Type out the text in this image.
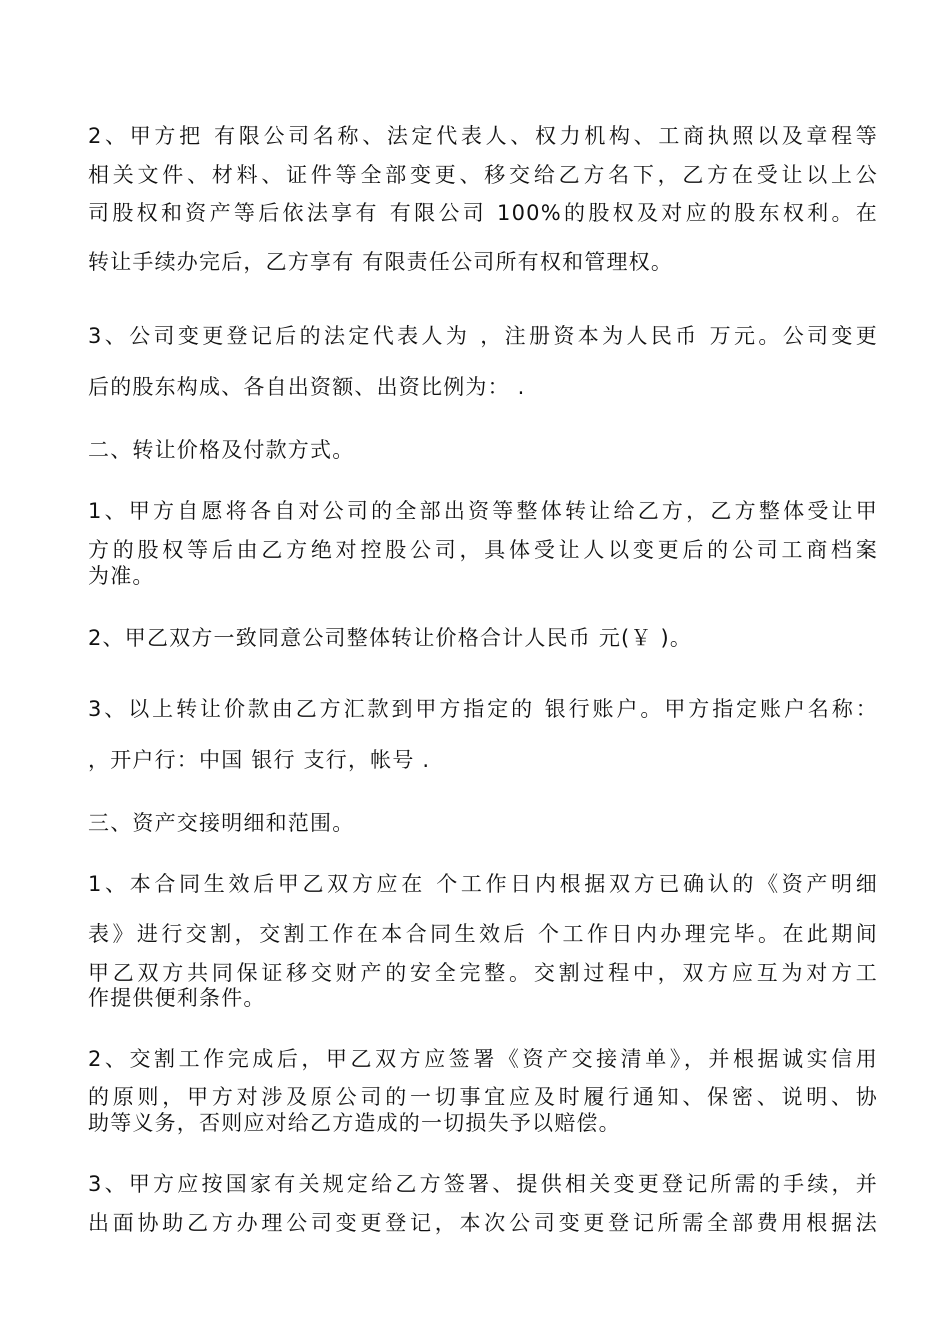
2、甲方把 有限公司名称、法定代表人、权力机构、工商执照以及章程等
相关文件、材料、证件等全部变更、移交给乙方名下，乙方在受让以上公
司股权和资产等后依法享有 有限公司 100%的股权及对应的股东权利。在
转让手续办完后，乙方享有 有限责任公司所有权和管理权。
3、公司变更登记后的法定代表人为 ，注册资本为人民币 万元。公司变更
后的股东构成、各自出资额、出资比例为： .
二、转让价格及付款方式。
1、甲方自愿将各自对公司的全部出资等整体转让给乙方，乙方整体受让甲
方的股权等后由乙方绝对控股公司，具体受让人以变更后的公司工商档案
为准。
2、甲乙双方一致同意公司整体转让价格合计人民币 元(￥ )。
3、以上转让价款由乙方汇款到甲方指定的 银行账户。甲方指定账户名称：
，开户行：中国 银行 支行，帐号 .
三、资产交接明细和范围。
1、本合同生效后甲乙双方应在 个工作日内根据双方已确认的《资产明细
表》进行交割，交割工作在本合同生效后 个工作日内办理完毕。在此期间
甲乙双方共同保证移交财产的安全完整。交割过程中，双方应互为对方工
作提供便利条件。
2、交割工作完成后，甲乙双方应签署《资产交接清单》，并根据诚实信用
的原则，甲方对涉及原公司的一切事宜应及时履行通知、保密、说明、协
助等义务，否则应对给乙方造成的一切损失予以赔偿。
3、甲方应按国家有关规定给乙方签署、提供相关变更登记所需的手续，并
出面协助乙方办理公司变更登记，本次公司变更登记所需全部费用根据法
